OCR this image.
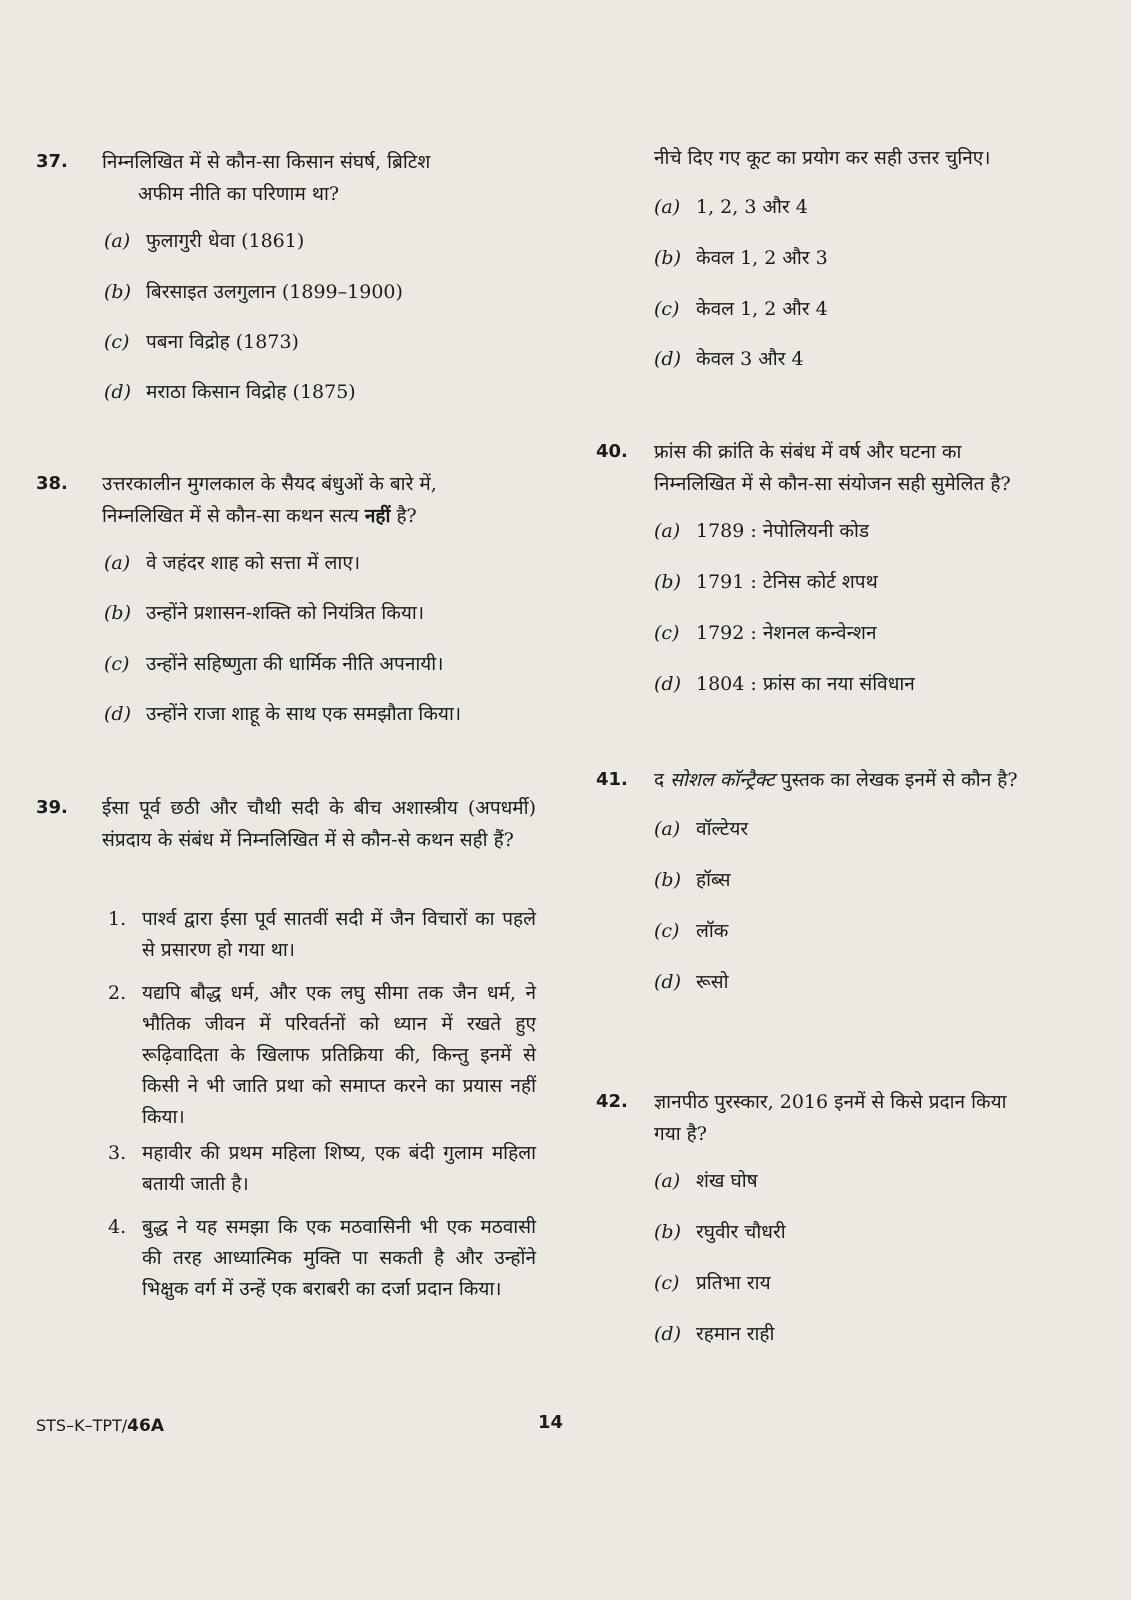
37. निम्नलिखित में से कौन-सा किसान संघर्ष, ब्रिटिश
अफीम नीति का परिणाम था?
(a) फुलागुरी धेवा (1861)
(b) बिरसाइत उलगुलान (1899–1900)
(c) पबना विद्रोह (1873)
(d) मराठा किसान विद्रोह (1875)
38. उत्तरकालीन मुगलकाल के सैयद बंधुओं के बारे में,
निम्नलिखित में से कौन-सा कथन सत्य नहीं है?
(a) वे जहंदर शाह को सत्ता में लाए।
(b) उन्होंने प्रशासन-शक्ति को नियंत्रित किया।
(c) उन्होंने सहिष्णुता की धार्मिक नीति अपनायी।
(d) उन्होंने राजा शाहू के साथ एक समझौता किया।
39. ईसा पूर्व छठी और चौथी सदी के बीच अशास्त्रीय (अपधर्मी) संप्रदाय के संबंध में निम्नलिखित में से कौन-से कथन सही हैं?
1. पार्श्व द्वारा ईसा पूर्व सातवीं सदी में जैन विचारों का पहले से प्रसारण हो गया था।
2. यद्यपि बौद्ध धर्म, और एक लघु सीमा तक जैन धर्म, ने भौतिक जीवन में परिवर्तनों को ध्यान में रखते हुए रूढ़िवादिता के खिलाफ प्रतिक्रिया की, किन्तु इनमें से किसी ने भी जाति प्रथा को समाप्त करने का प्रयास नहीं किया।
3. महावीर की प्रथम महिला शिष्य, एक बंदी गुलाम महिला बतायी जाती है।
4. बुद्ध ने यह समझा कि एक मठवासिनी भी एक मठवासी की तरह आध्यात्मिक मुक्ति पा सकती है और उन्होंने भिक्षुक वर्ग में उन्हें एक बराबरी का दर्जा प्रदान किया।
नीचे दिए गए कूट का प्रयोग कर सही उत्तर चुनिए।
(a) 1, 2, 3 और 4
(b) केवल 1, 2 और 3
(c) केवल 1, 2 और 4
(d) केवल 3 और 4
40. फ्रांस की क्रांति के संबंध में वर्ष और घटना का
निम्नलिखित में से कौन-सा संयोजन सही सुमेलित है?
(a) 1789 : नेपोलियनी कोड
(b) 1791 : टेनिस कोर्ट शपथ
(c) 1792 : नेशनल कन्वेन्शन
(d) 1804 : फ्रांस का नया संविधान
41. द सोशल कॉन्ट्रैक्ट पुस्तक का लेखक इनमें से कौन है?
(a) वॉल्टेयर
(b) हॉब्स
(c) लॉक
(d) रूसो
42. ज्ञानपीठ पुरस्कार, 2016 इनमें से किसे प्रदान किया
गया है?
(a) शंख घोष
(b) रघुवीर चौधरी
(c) प्रतिभा राय
(d) रहमान राही
STS–K–TPT/46A	14
